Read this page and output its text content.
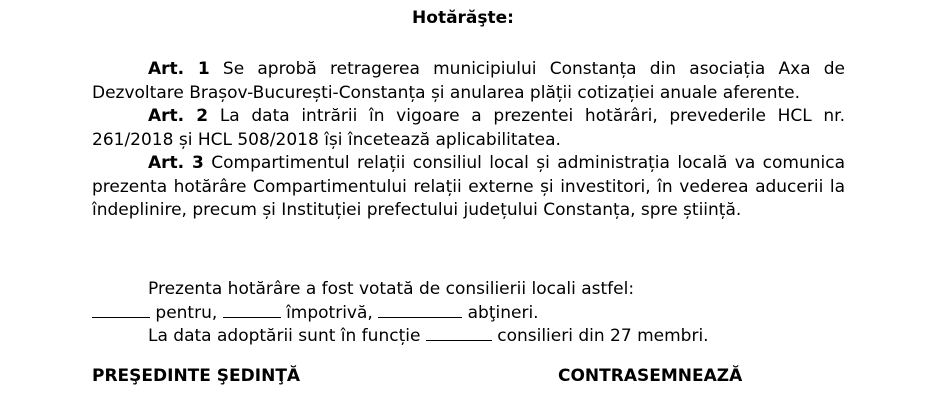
Hotărăşte:
Art. 1 Se aprobă retragerea municipiului Constanța din asociația Axa de Dezvoltare Brașov-București-Constanța și anularea plății cotizației anuale aferente.
Art. 2 La data intrării în vigoare a prezentei hotărâri, prevederile HCL nr. 261/2018 și HCL 508/2018 își încetează aplicabilitatea.
Art. 3 Compartimentul relații consiliul local și administrația locală va comunica prezenta hotărâre Compartimentului relații externe și investitori, în vederea aducerii la îndeplinire, precum și Instituției prefectului județului Constanța, spre știință.
Prezenta hotărâre a fost votată de consilierii locali astfel:
pentru,	împotrivă,	abţineri.
La data adoptării sunt în funcție	consilieri din 27 membri.
PREŞEDINTE ŞEDINŢĂ	CONTRASEMNEAZĂ
